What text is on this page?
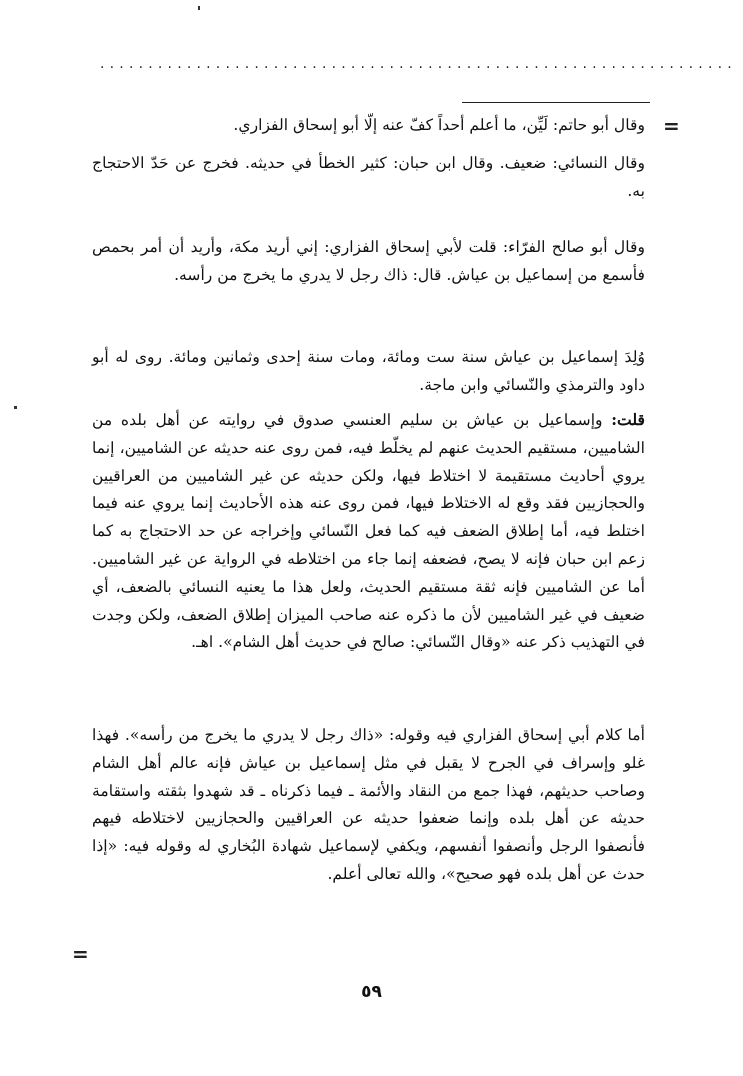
..................................................................
=
=

وقال أبو حاتم: لَيِّن، ما أعلم أحداً كفّ عنه إلّا أبو إسحاق الفزاري.

وقال النسائي: ضعيف. وقال ابن حبان: كثير الخطأ في حديثه. فخرج عن حَدّ الاحتجاج به.

وقال أبو صالح الفرّاء: قلت لأبي إسحاق الفزاري: إني أريد مكة، وأريد أن أمر بحمص فأسمع من إسماعيل بن عياش. قال: ذاك رجل لا يدري ما يخرج من رأسه.

وُلِدَ إسماعيل بن عياش سنة ست ومائة، ومات سنة إحدى وثمانين ومائة. روى له أبو داود والترمذي والنّسائي وابن ماجة.

قلت: وإسماعيل بن عياش بن سليم العنسي صدوق في روايته عن أهل بلده من الشاميين، مستقيم الحديث عنهم لم يخلّط فيه، فمن روى عنه حديثه عن الشاميين، إنما يروي أحاديث مستقيمة لا اختلاط فيها، ولكن حديثه عن غير الشاميين من العراقيين والحجازيين فقد وقع له الاختلاط فيها، فمن روى عنه هذه الأحاديث إنما يروي عنه فيما اختلط فيه، أما إطلاق الضعف فيه كما فعل النّسائي وإخراجه عن حد الاحتجاج به كما زعم ابن حبان فإنه لا يصح، فضعفه إنما جاء من اختلاطه في الرواية عن غير الشاميين. أما عن الشاميين فإنه ثقة مستقيم الحديث، ولعل هذا ما يعنيه النسائي بالضعف، أي ضعيف في غير الشاميين لأن ما ذكره عنه صاحب الميزان إطلاق الضعف، ولكن وجدت في التهذيب ذكر عنه «وقال النّسائي: صالح في حديث أهل الشام». اهـ.

أما كلام أبي إسحاق الفزاري فيه وقوله: «ذاك رجل لا يدري ما يخرج من رأسه». فهذا غلو وإسراف في الجرح لا يقبل في مثل إسماعيل بن عياش فإنه عالم أهل الشام وصاحب حديثهم، فهذا جمع من النقاد والأئمة ـ فيما ذكرناه ـ قد شهدوا بثقته واستقامة حديثه عن أهل بلده وإنما ضعفوا حديثه عن العراقيين والحجازيين لاختلاطه فيهم فأنصفوا الرجل وأنصفوا أنفسهم، ويكفي لإسماعيل شهادة البُخاري له وقوله فيه: «إذا حدث عن أهل بلده فهو صحيح»، والله تعالى أعلم.

٥٩
